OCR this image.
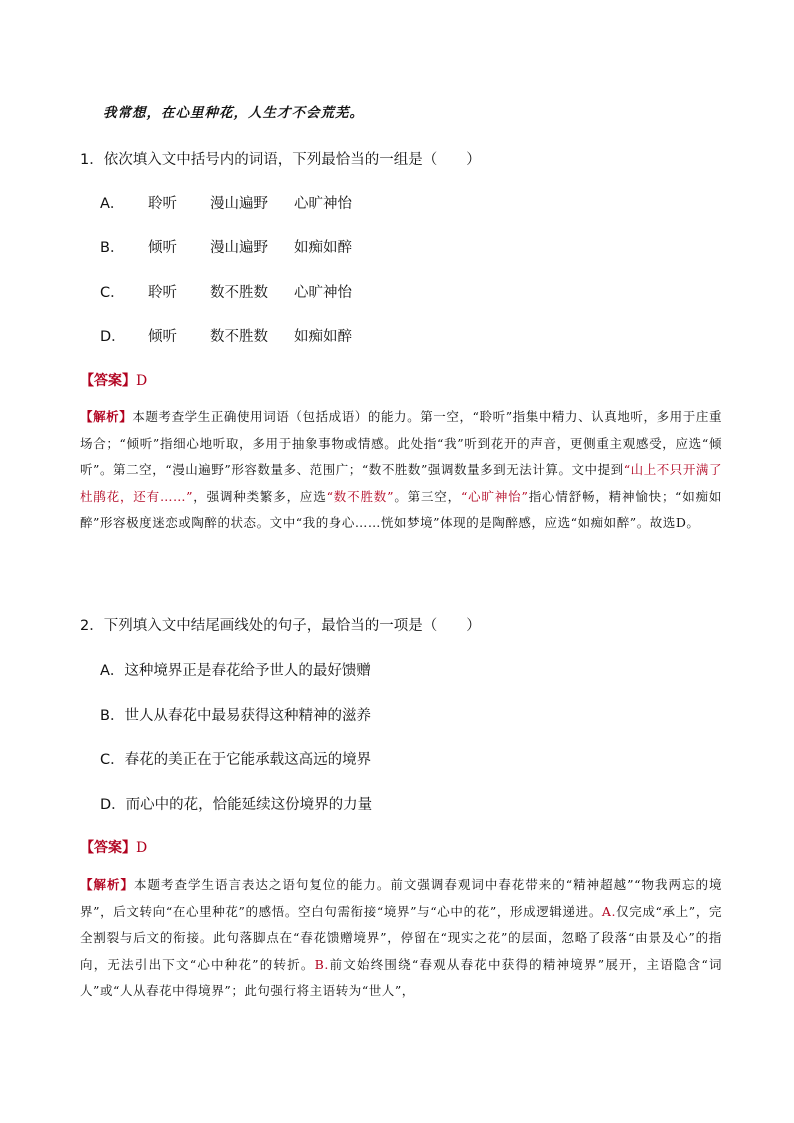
我常想，在心里种花，人生才不会荒芜。
1．依次填入文中括号内的词语，下列最恰当的一组是（　　）
A． 聆听 漫山遍野 心旷神怡
B． 倾听 漫山遍野 如痴如醉
C． 聆听 数不胜数 心旷神怡
D． 倾听 数不胜数 如痴如醉
【答案】D
【解析】本题考查学生正确使用词语（包括成语）的能力。第一空，“聆听”指集中精力、认真地听，多用于庄重场合；“倾听”指细心地听取，多用于抽象事物或情感。此处指“我”听到花开的声音，更侧重主观感受，应选“倾听”。第二空，“漫山遍野”形容数量多、范围广；“数不胜数”强调数量多到无法计算。文中提到“山上不只开满了杜鹃花，还有……”，强调种类繁多，应选“数不胜数”。第三空，“心旷神怡”指心情舒畅，精神愉快；“如痴如醉”形容极度迷恋或陶醉的状态。文中“我的身心……恍如梦境”体现的是陶醉感，应选“如痴如醉”。故选D。
2．下列填入文中结尾画线处的句子，最恰当的一项是（　　）
A．这种境界正是春花给予世人的最好馈赠
B．世人从春花中最易获得这种精神的滋养
C．春花的美正在于它能承载这高远的境界
D．而心中的花，恰能延续这份境界的力量
【答案】D
【解析】本题考查学生语言表达之语句复位的能力。前文强调春观词中春花带来的“精神超越”“物我两忘的境界”，后文转向“在心里种花”的感悟。空白句需衔接“境界”与“心中的花”，形成逻辑递进。A.仅完成“承上”，完全割裂与后文的衔接。此句落脚点在“春花馈赠境界”，停留在“现实之花”的层面，忽略了段落“由景及心”的指向，无法引出下文“心中种花”的转折。B.前文始终围绕“春观从春花中获得的精神境界”展开，主语隐含“词人”或“人从春花中得境界”；此句强行将主语转为“世人”，
